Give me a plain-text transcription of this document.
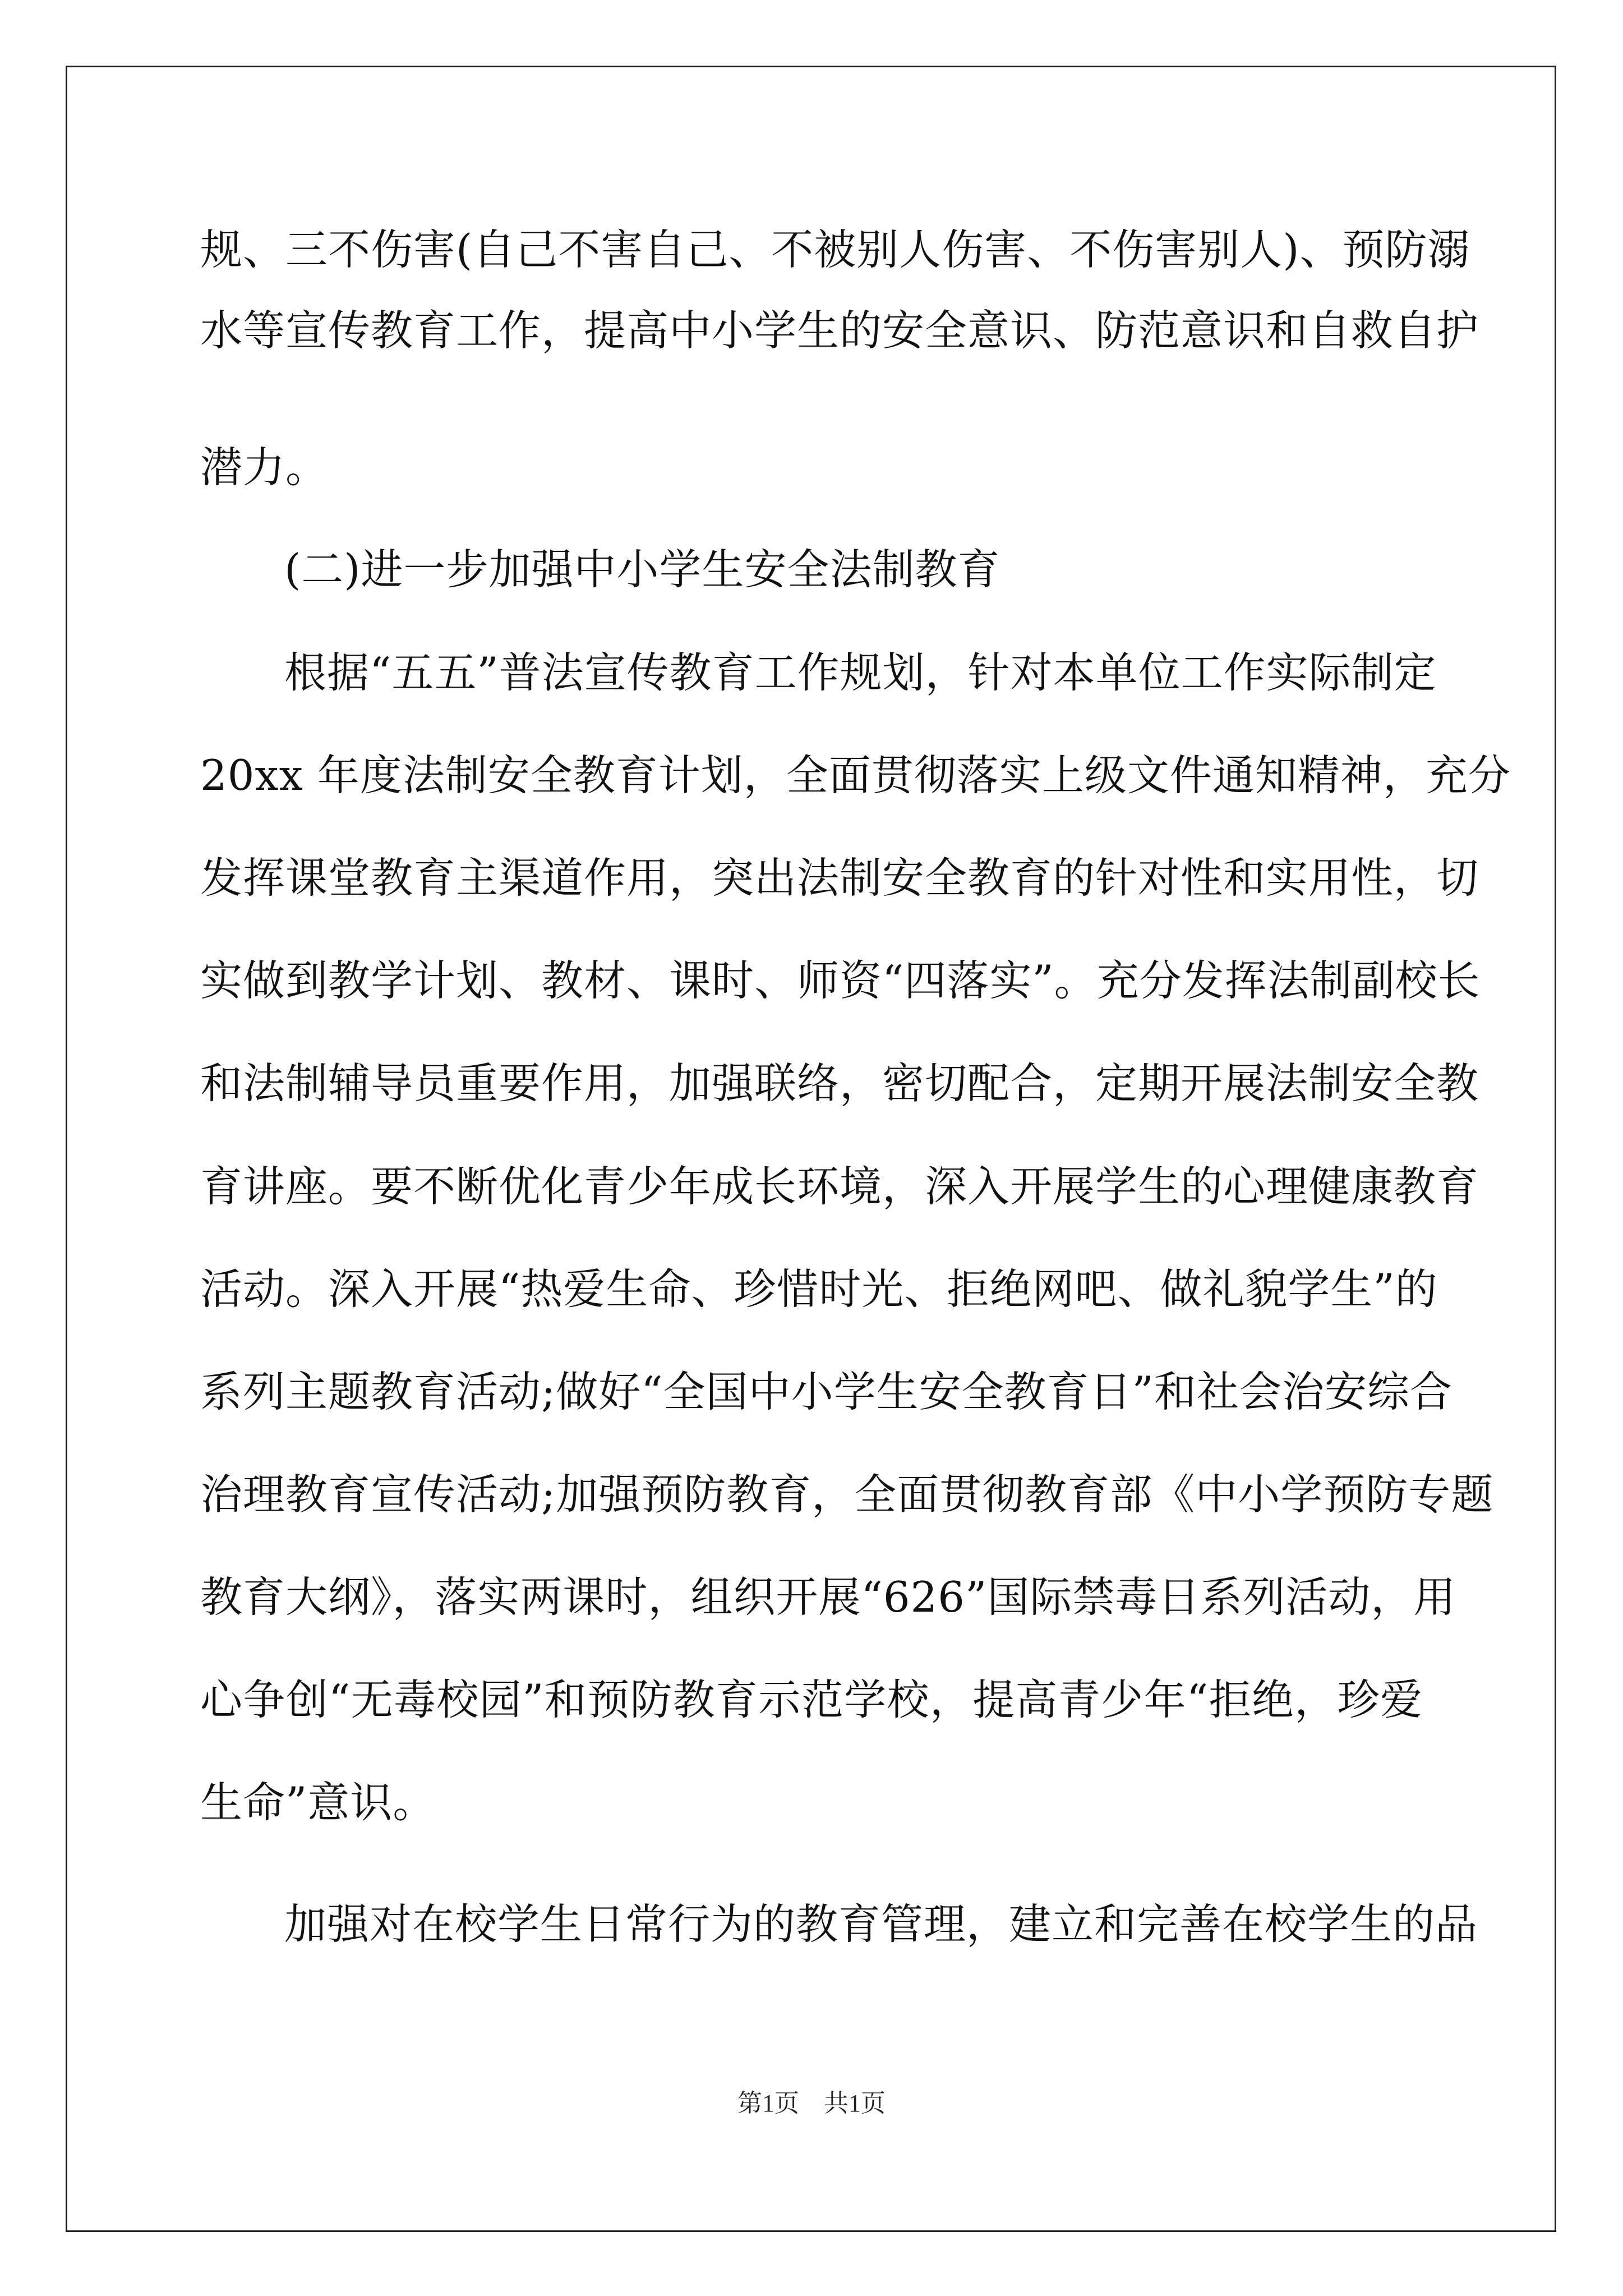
规、三不伤害(自己不害自己、不被别人伤害、不伤害别人)、预防溺
水等宣传教育工作，提高中小学生的安全意识、防范意识和自救自护
潜力。
(二)进一步加强中小学生安全法制教育
根据“五五”普法宣传教育工作规划，针对本单位工作实际制定
20xx 年度法制安全教育计划，全面贯彻落实上级文件通知精神，充分
发挥课堂教育主渠道作用，突出法制安全教育的针对性和实用性，切
实做到教学计划、教材、课时、师资“四落实”。充分发挥法制副校长
和法制辅导员重要作用，加强联络，密切配合，定期开展法制安全教
育讲座。要不断优化青少年成长环境，深入开展学生的心理健康教育
活动。深入开展“热爱生命、珍惜时光、拒绝网吧、做礼貌学生”的
系列主题教育活动;做好“全国中小学生安全教育日”和社会治安综合
治理教育宣传活动;加强预防教育，全面贯彻教育部《中小学预防专题
教育大纲》，落实两课时，组织开展“626”国际禁毒日系列活动，用
心争创“无毒校园”和预防教育示范学校，提高青少年“拒绝，珍爱
生命”意识。
加强对在校学生日常行为的教育管理，建立和完善在校学生的品
第1页　共1页
